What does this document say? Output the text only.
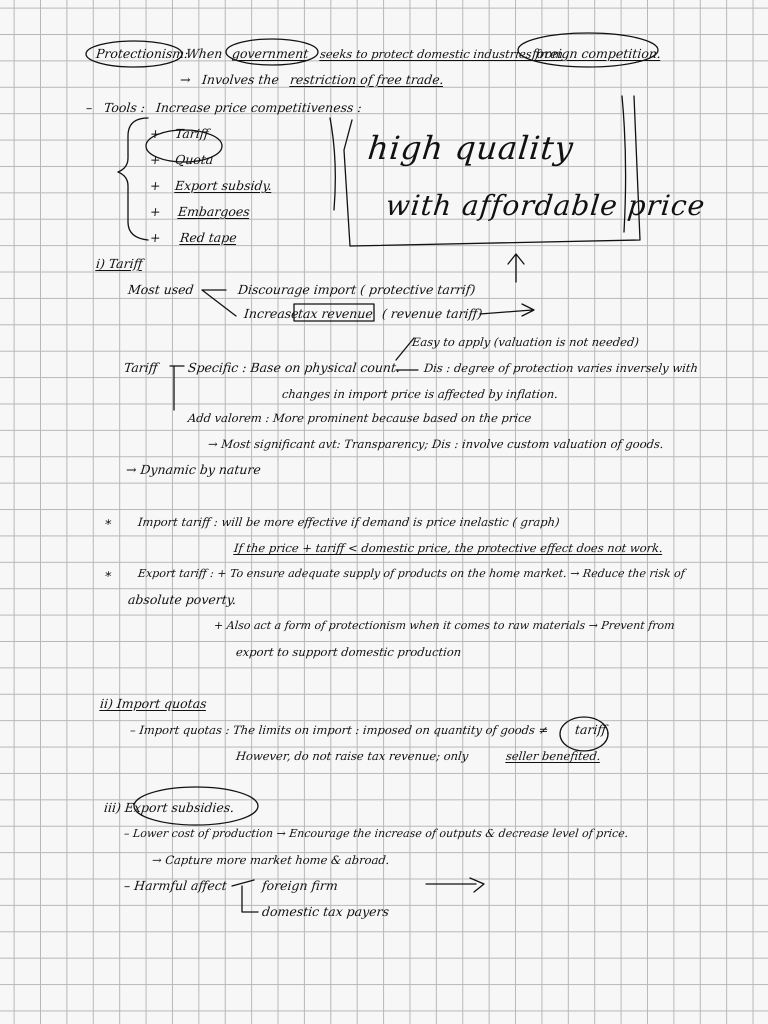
Protectionism:
When government seeks to protect domestic industries from
foreign competition.
→ Involves the restriction of free trade.
– Tools : Increase price competitiveness :
+ Tariff
+ Quota
+ Export subsidy.
+ Embargoes
+ Red tape
high quality
with affordable price
i) Tariff
Most used	Discourage import ( protective tarrif)
Increase
tax revenue ( revenue tariff)
Easy to apply (valuation is not needed)
Tariff Specific : Base on physical count. Dis : degree of protection varies inversely with
changes in import price is affected by inflation.
Add valorem : More prominent because based on the price
→ Most significant avt: Transparency; Dis : involve custom valuation of goods.
→ Dynamic by nature
∗ Import tariff : will be more effective if demand is price inelastic ( graph)
If the price + tariff < domestic price, the protective effect does not work.
∗ Export tariff : + To ensure adequate supply of products on the home market. → Reduce the risk of
absolute poverty.
+ Also act a form of protectionism when it comes to raw materials → Prevent from
export to support domestic production
ii) Import quotas
– Import quotas : The limits on import : imposed on quantity of goods ≠ tariff.
However, do not raise tax revenue; only	seller benefited.
iii) Export subsidies.
– Lower cost of production → Encourage the increase of outputs & decrease level of price.
→ Capture more market home & abroad.
– Harmful affect	foreign firm
domestic tax payers
